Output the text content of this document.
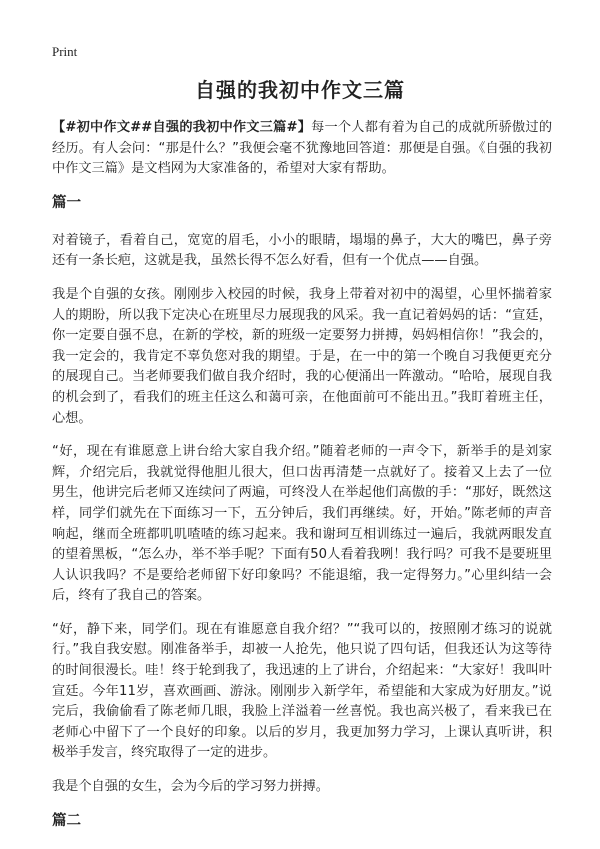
Print
自强的我初中作文三篇

【#初中作文##自强的我初中作文三篇#】每一个人都有着为自己的成就所骄傲过的经历。有人会问：“那是什么？”我便会毫不犹豫地回答道：那便是自强。《自强的我初中作文三篇》是文档网为大家准备的，希望对大家有帮助。

篇一

对着镜子，看着自己，宽宽的眉毛，小小的眼睛，塌塌的鼻子，大大的嘴巴，鼻子旁还有一条长疤，这就是我，虽然长得不怎么好看，但有一个优点——自强。

我是个自强的女孩。刚刚步入校园的时候，我身上带着对初中的渴望，心里怀揣着家人的期盼，所以我下定决心在班里尽力展现我的风采。我一直记着妈妈的话：“宣廷，你一定要自强不息，在新的学校，新的班级一定要努力拼搏，妈妈相信你！”我会的，我一定会的，我肯定不辜负您对我的期望。于是，在一中的第一个晚自习我便更充分的展现自己。当老师要我们做自我介绍时，我的心便涌出一阵激动。“哈哈，展现自我的机会到了，看我们的班主任这么和蔼可亲，在他面前可不能出丑。”我盯着班主任，心想。

“好，现在有谁愿意上讲台给大家自我介绍。”随着老师的一声令下，新举手的是刘家辉，介绍完后，我就觉得他胆儿很大，但口齿再清楚一点就好了。接着又上去了一位男生，他讲完后老师又连续问了两遍，可终没人在举起他们高傲的手：“那好，既然这样，同学们就先在下面练习一下，五分钟后，我们再继续。好，开始。”陈老师的声音响起，继而全班都叽叽喳喳的练习起来。我和谢珂互相训练过一遍后，我就两眼发直的望着黑板，“怎么办，举不举手呢？下面有50人看着我咧！我行吗？可我不是要班里人认识我吗？不是要给老师留下好印象吗？不能退缩，我一定得努力。”心里纠结一会后，终有了我自己的答案。

“好，静下来，同学们。现在有谁愿意自我介绍？”“我可以的，按照刚才练习的说就行。”我自我安慰。刚准备举手，却被一人抢先，他只说了四句话，但我还认为这等待的时间很漫长。哇！终于轮到我了，我迅速的上了讲台，介绍起来：“大家好！我叫叶宣廷。今年11岁，喜欢画画、游泳。刚刚步入新学年，希望能和大家成为好朋友。”说完后，我偷偷看了陈老师几眼，我脸上洋溢着一丝喜悦。我也高兴极了，看来我已在老师心中留下了一个良好的印象。以后的岁月，我更加努力学习，上课认真听讲，积极举手发言，终究取得了一定的进步。

我是个自强的女生，会为今后的学习努力拼搏。

篇二
